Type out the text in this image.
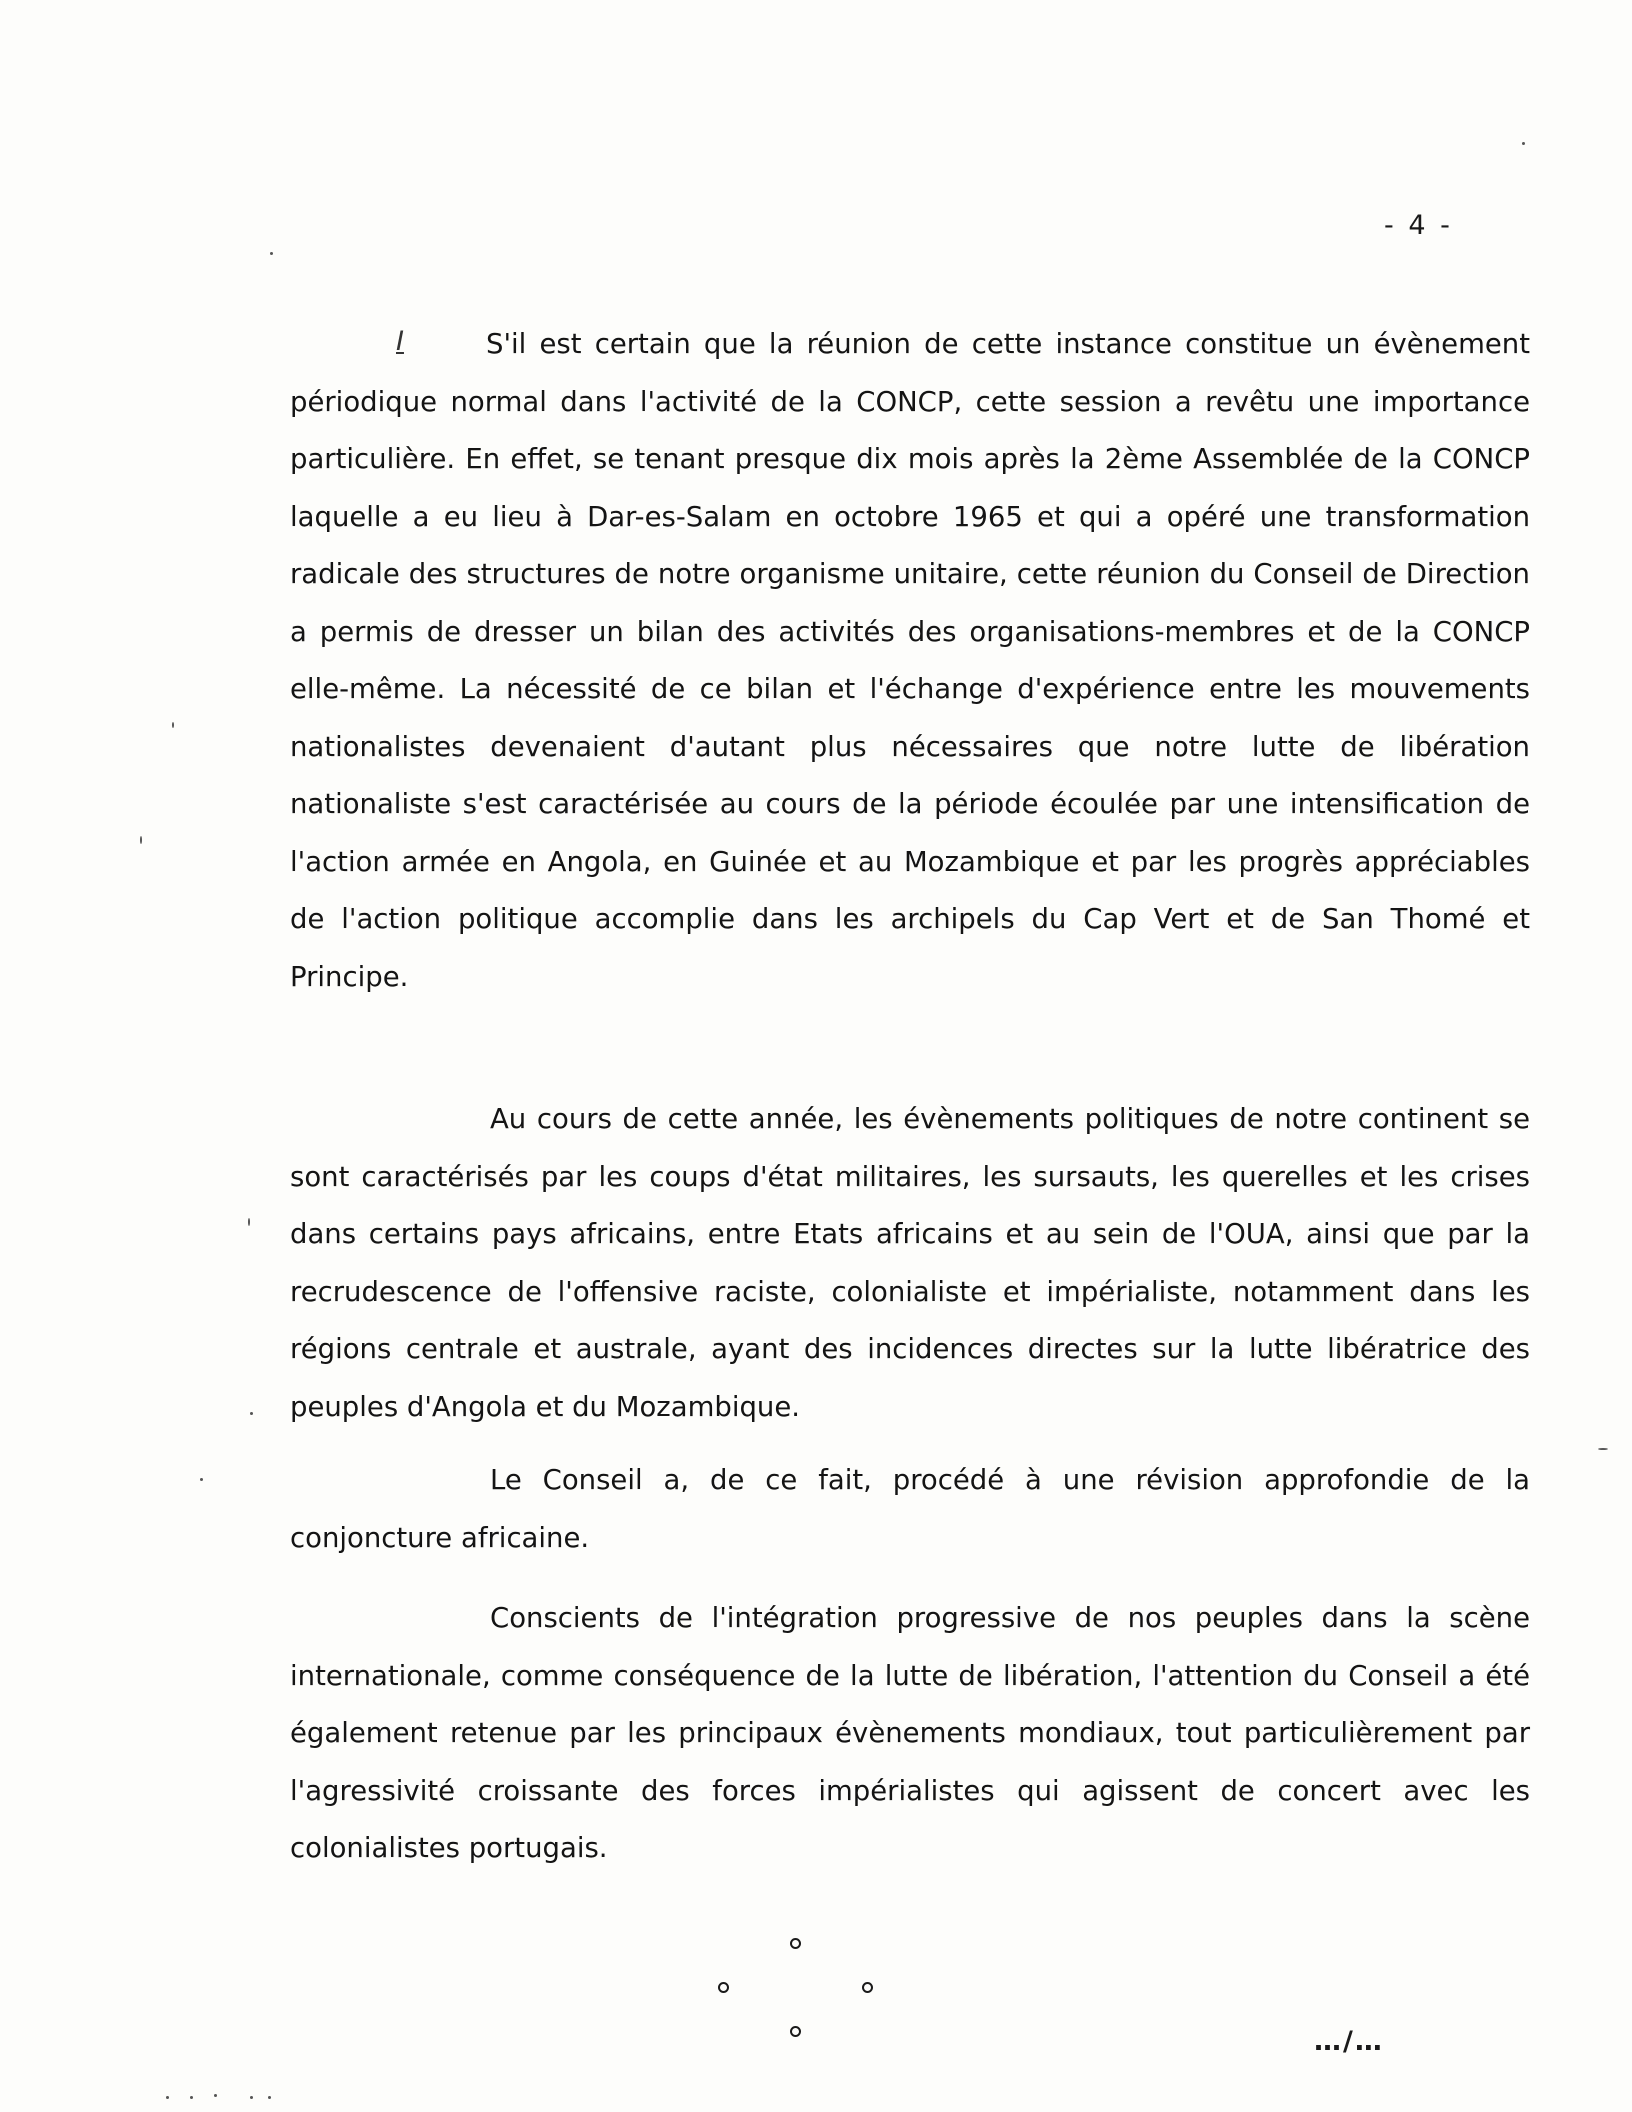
- 4 -
I	S'il est certain que la réunion de cette instance constitue un évènement périodique normal dans l'activité de la CONCP, cette session a revêtu une importance particulière. En effet, se tenant presque dix mois après la 2ème Assemblée de la CONCP laquelle a eu lieu à Dar-es-Salam en octobre 1965 et qui a opéré une transformation radicale des structures de notre organisme unitaire, cette réunion du Conseil de Direction a permis de dresser un bilan des activités des organisations-membres et de la CONCP elle-même. La nécessité de ce bilan et l'échange d'expérience entre les mouvements nationalistes devenaient d'autant plus nécessaires que notre lutte de libération nationaliste s'est caractérisée au cours de la période écoulée par une intensification de l'action armée en Angola, en Guinée et au Mozambique et par les progrès appréciables de l'action politique accomplie dans les archipels du Cap Vert et de San Thomé et Principe.

Au cours de cette année, les évènements politiques de notre continent se sont caractérisés par les coups d'état militaires, les sursauts, les querelles et les crises dans certains pays africains, entre Etats africains et au sein de l'OUA, ainsi que par la recrudescence de l'offensive raciste, colonialiste et impérialiste, notamment dans les régions centrale et australe, ayant des incidences directes sur la lutte libératrice des peuples d'Angola et du Mozambique.

Le Conseil a, de ce fait, procédé à une révision approfondie de la conjoncture africaine.

Conscients de l'intégration progressive de nos peuples dans la scène internationale, comme conséquence de la lutte de libération, l'attention du Conseil a été également retenue par les principaux évènements mondiaux, tout particulièrement par l'agressivité croissante des forces impérialistes qui agissent de concert avec les colonialistes portugais.

…/…
